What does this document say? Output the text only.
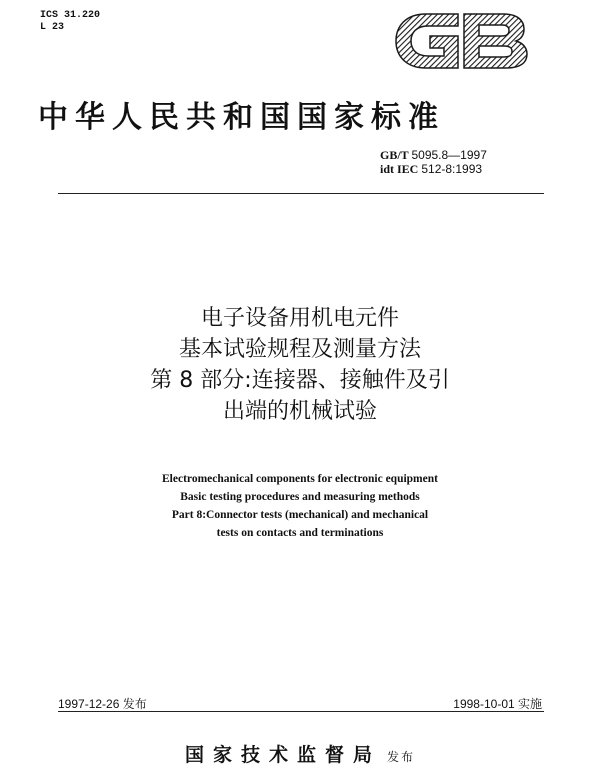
ICS 31.220
L 23
中华人民共和国国家标准
GB/T 5095.8—1997
idt IEC 512-8:1993
电子设备用机电元件
基本试验规程及测量方法
第 8 部分:连接器、接触件及引
出端的机械试验
Electromechanical components for electronic equipment
Basic testing procedures and measuring methods
Part 8:Connector tests (mechanical) and mechanical
tests on contacts and terminations
1997-12-26 发布	1998-10-01 实施
国家技术监督局 发布
